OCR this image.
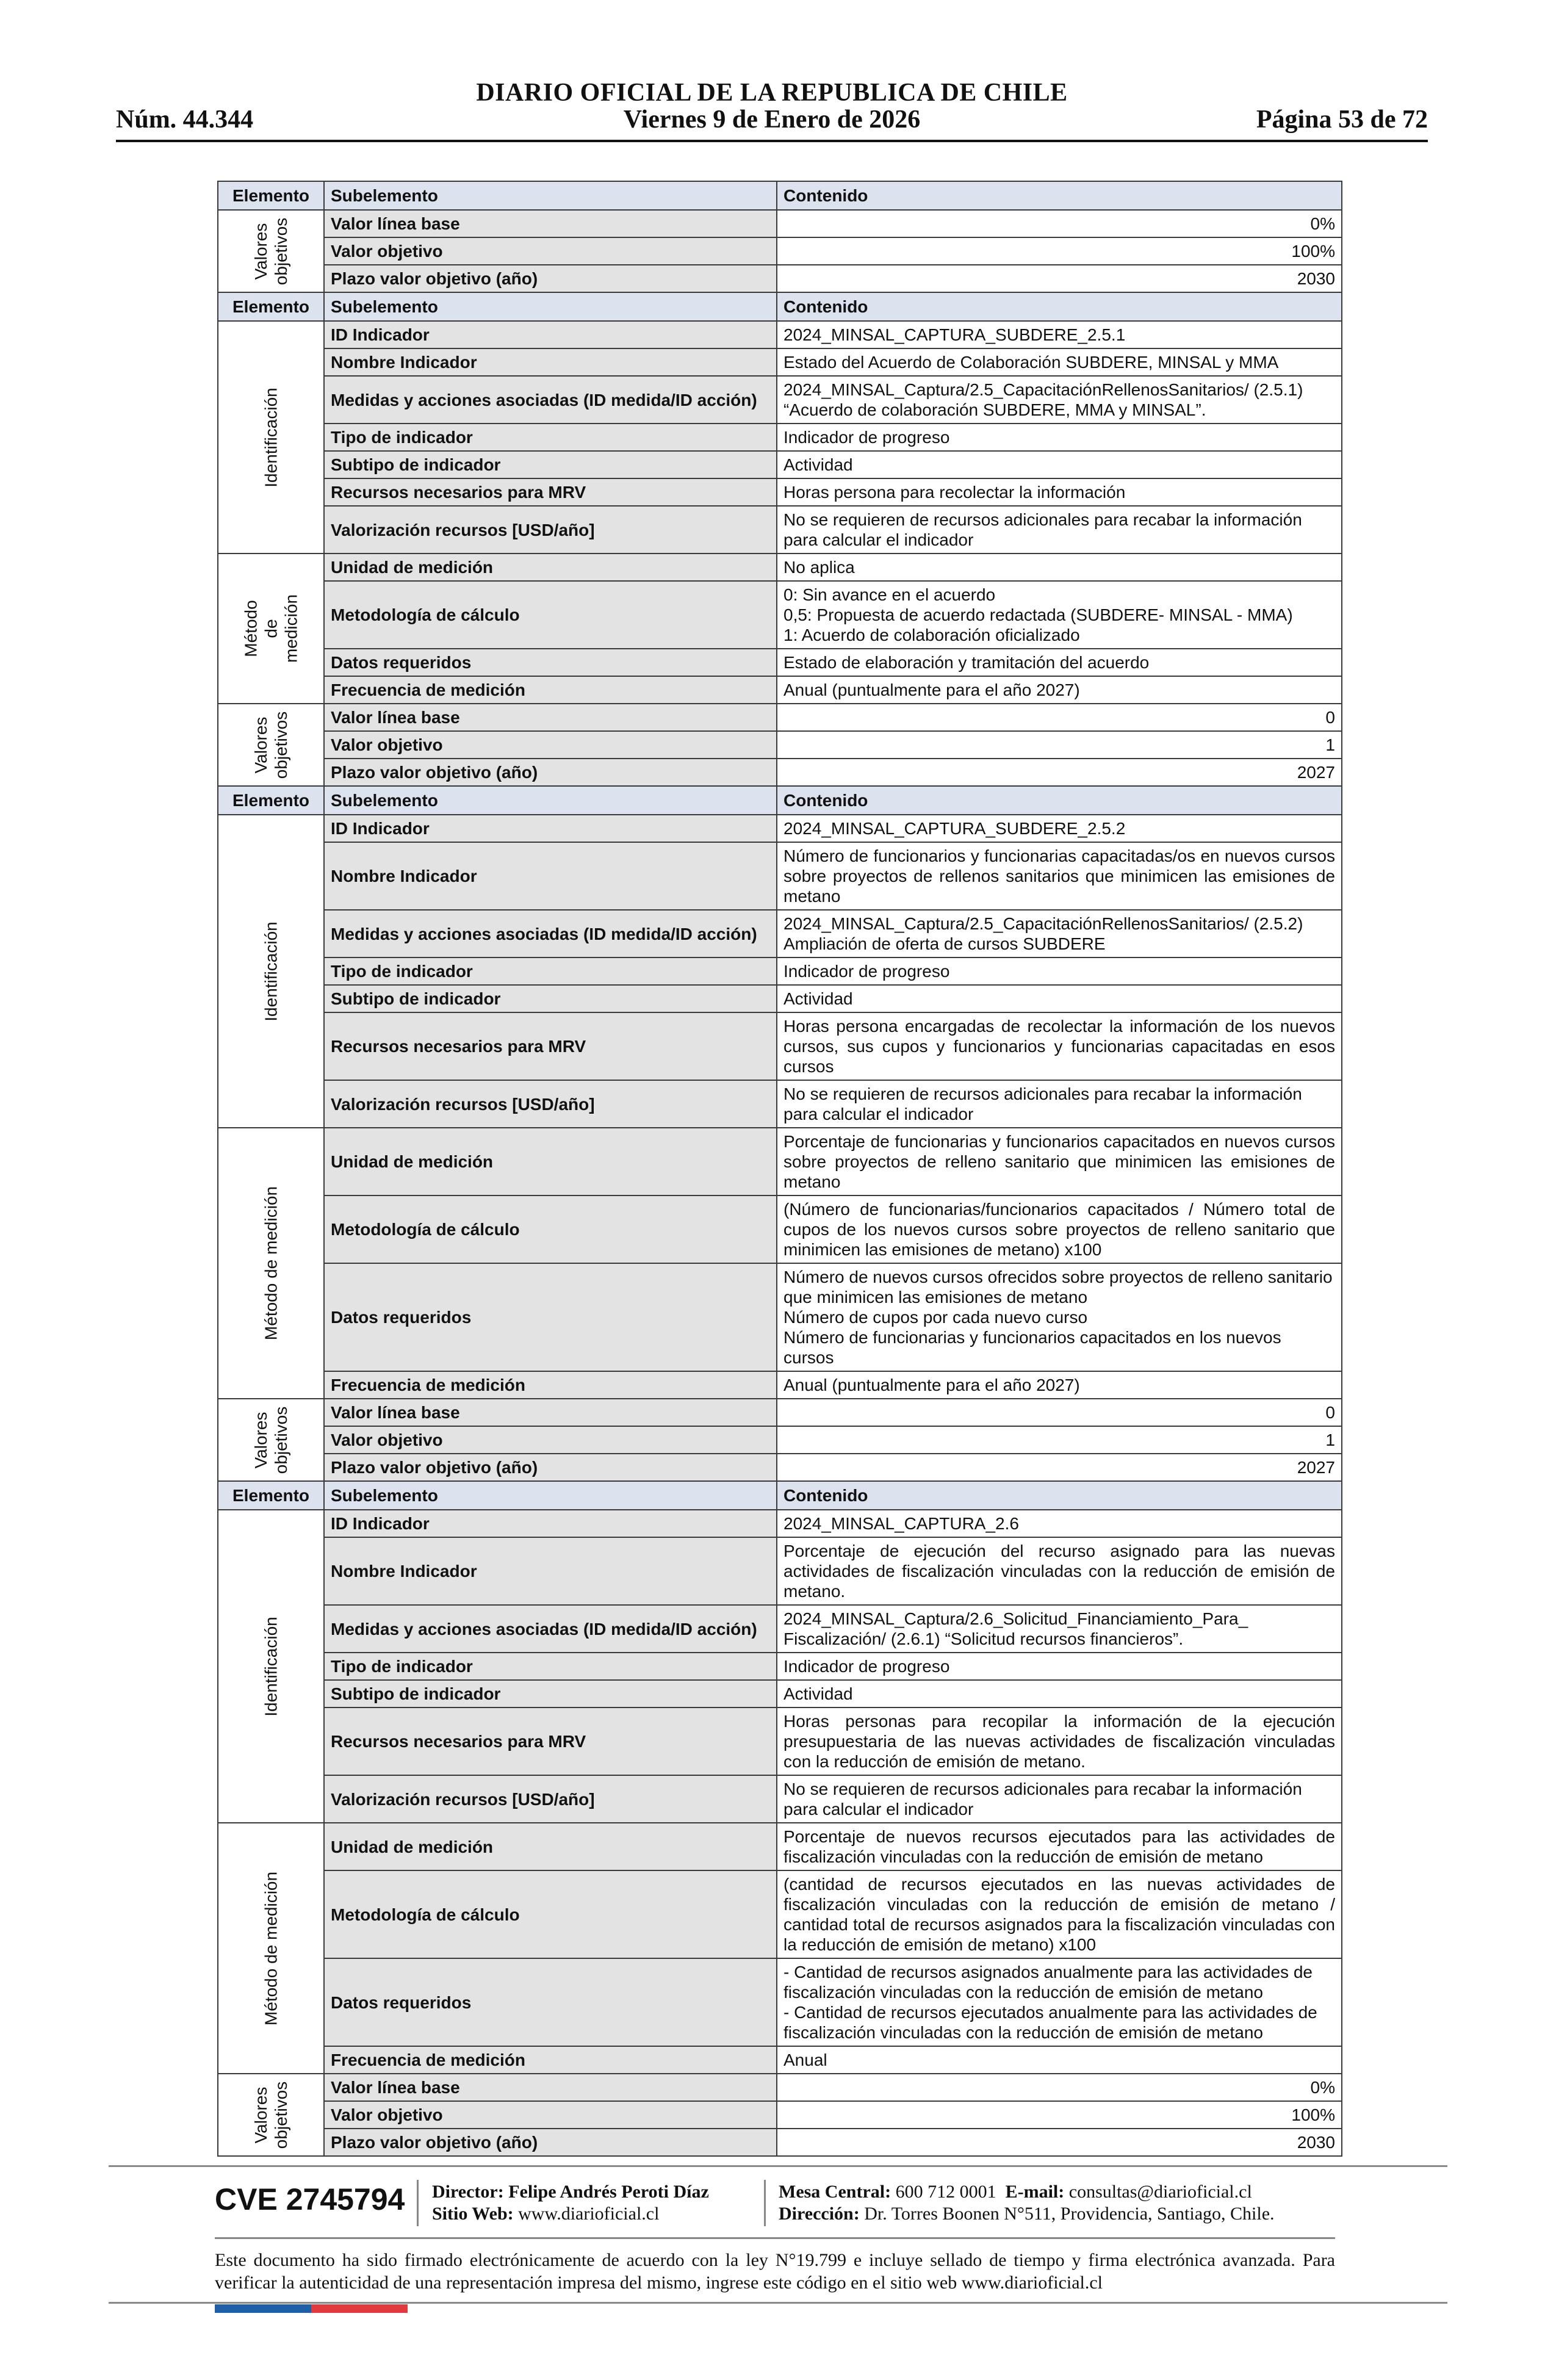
DIARIO OFICIAL DE LA REPUBLICA DE CHILE
Núm. 44.344	Viernes 9 de Enero de 2026	Página 53 de 72
Elemento	Subelemento	Contenido

Valores
objetivos	Valor línea base	0%
	Valor objetivo	100%
	Plazo valor objetivo (año)	2030
Elemento	Subelemento	Contenido

Identificación	ID Indicador	2024_MINSAL_CAPTURA_SUBDERE_2.5.1
	Nombre Indicador	Estado del Acuerdo de Colaboración SUBDERE, MINSAL y MMA
	Medidas y acciones asociadas (ID medida/ID acción)	2024_MINSAL_Captura/2.5_CapacitaciónRellenosSanitarios/ (2.5.1)
“Acuerdo de colaboración SUBDERE, MMA y MINSAL”.
	Tipo de indicador	Indicador de progreso
	Subtipo de indicador	Actividad
	Recursos necesarios para MRV	Horas persona para recolectar la información
	Valorización recursos [USD/año]	No se requieren de recursos adicionales para recabar la información para calcular el indicador

Método de
medición	Unidad de medición	No aplica
	Metodología de cálculo	0: Sin avance en el acuerdo
0,5: Propuesta de acuerdo redactada (SUBDERE- MINSAL - MMA)
1: Acuerdo de colaboración oficializado
	Datos requeridos	Estado de elaboración y tramitación del acuerdo
	Frecuencia de medición	Anual (puntualmente para el año 2027)

Valores
objetivos	Valor línea base	0
	Valor objetivo	1
	Plazo valor objetivo (año)	2027
Elemento	Subelemento	Contenido

Identificación	ID Indicador	2024_MINSAL_CAPTURA_SUBDERE_2.5.2
	Nombre Indicador	Número de funcionarios y funcionarias capacitadas/os en nuevos cursos sobre proyectos de rellenos sanitarios que minimicen las emisiones de metano
	Medidas y acciones asociadas (ID medida/ID acción)	2024_MINSAL_Captura/2.5_CapacitaciónRellenosSanitarios/ (2.5.2)
Ampliación de oferta de cursos SUBDERE
	Tipo de indicador	Indicador de progreso
	Subtipo de indicador	Actividad
	Recursos necesarios para MRV	Horas persona encargadas de recolectar la información de los nuevos cursos, sus cupos y funcionarios y funcionarias capacitadas en esos cursos
	Valorización recursos [USD/año]	No se requieren de recursos adicionales para recabar la información para calcular el indicador

Método de medición	Unidad de medición	Porcentaje de funcionarias y funcionarios capacitados en nuevos cursos sobre proyectos de relleno sanitario que minimicen las emisiones de metano
	Metodología de cálculo	(Número de funcionarias/funcionarios capacitados / Número total de cupos de los nuevos cursos sobre proyectos de relleno sanitario que minimicen las emisiones de metano) x100
	Datos requeridos	Número de nuevos cursos ofrecidos sobre proyectos de relleno sanitario que minimicen las emisiones de metano
Número de cupos por cada nuevo curso
Número de funcionarias y funcionarios capacitados en los nuevos cursos
	Frecuencia de medición	Anual (puntualmente para el año 2027)

Valores
objetivos	Valor línea base	0
	Valor objetivo	1
	Plazo valor objetivo (año)	2027
Elemento	Subelemento	Contenido

Identificación	ID Indicador	2024_MINSAL_CAPTURA_2.6
	Nombre Indicador	Porcentaje de ejecución del recurso asignado para las nuevas actividades de fiscalización vinculadas con la reducción de emisión de metano.
	Medidas y acciones asociadas (ID medida/ID acción)	2024_MINSAL_Captura/2.6_Solicitud_Financiamiento_Para_ Fiscalización/ (2.6.1) “Solicitud recursos financieros”.
	Tipo de indicador	Indicador de progreso
	Subtipo de indicador	Actividad
	Recursos necesarios para MRV	Horas personas para recopilar la información de la ejecución presupuestaria de las nuevas actividades de fiscalización vinculadas con la reducción de emisión de metano.
	Valorización recursos [USD/año]	No se requieren de recursos adicionales para recabar la información para calcular el indicador

Método de medición	Unidad de medición	Porcentaje de nuevos recursos ejecutados para las actividades de fiscalización vinculadas con la reducción de emisión de metano
	Metodología de cálculo	(cantidad de recursos ejecutados en las nuevas actividades de fiscalización vinculadas con la reducción de emisión de metano / cantidad total de recursos asignados para la fiscalización vinculadas con la reducción de emisión de metano) x100
	Datos requeridos	- Cantidad de recursos asignados anualmente para las actividades de fiscalización vinculadas con la reducción de emisión de metano
- Cantidad de recursos ejecutados anualmente para las actividades de fiscalización vinculadas con la reducción de emisión de metano
	Frecuencia de medición	Anual

Valores
objetivos	Valor línea base	0%
	Valor objetivo	100%
	Plazo valor objetivo (año)	2030
CVE 2745794 Director: Felipe Andrés Peroti Díaz
Sitio Web: www.diarioficial.cl
Mesa Central: 600 712 0001 E-mail: consultas@diarioficial.cl
Dirección: Dr. Torres Boonen N°511, Providencia, Santiago, Chile.
Este documento ha sido firmado electrónicamente de acuerdo con la ley N°19.799 e incluye sellado de tiempo y firma electrónica avanzada. Para verificar la autenticidad de una representación impresa del mismo, ingrese este código en el sitio web www.diarioficial.cl
